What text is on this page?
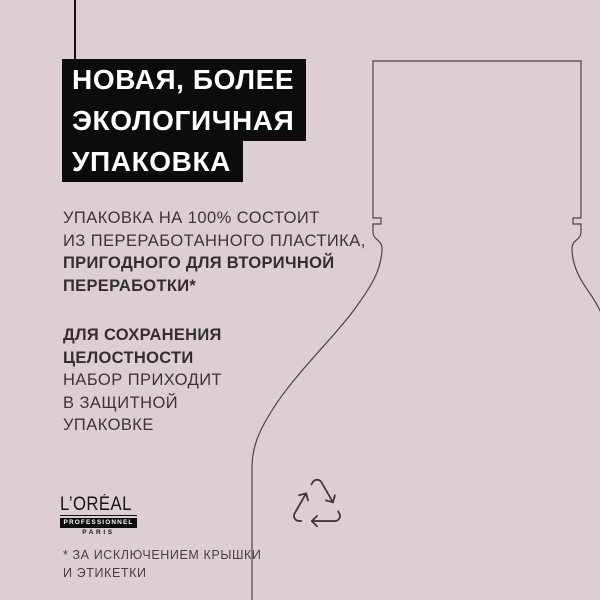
НОВАЯ, БОЛЕЕ
ЭКОЛОГИЧНАЯ
УПАКОВКА
УПАКОВКА НА 100% СОСТОИТ
ИЗ ПЕРЕРАБОТАННОГО ПЛАСТИКА,
ПРИГОДНОГО ДЛЯ ВТОРИЧНОЙ
ПЕРЕРАБОТКИ*
ДЛЯ СОХРАНЕНИЯ
ЦЕЛОСТНОСТИ
НАБОР ПРИХОДИТ
В ЗАЩИТНОЙ
УПАКОВКЕ
L’ORÉAL
PROFESSIONNEL
PARIS
* ЗА ИСКЛЮЧЕНИЕМ КРЫШКИ
И ЭТИКЕТКИ
